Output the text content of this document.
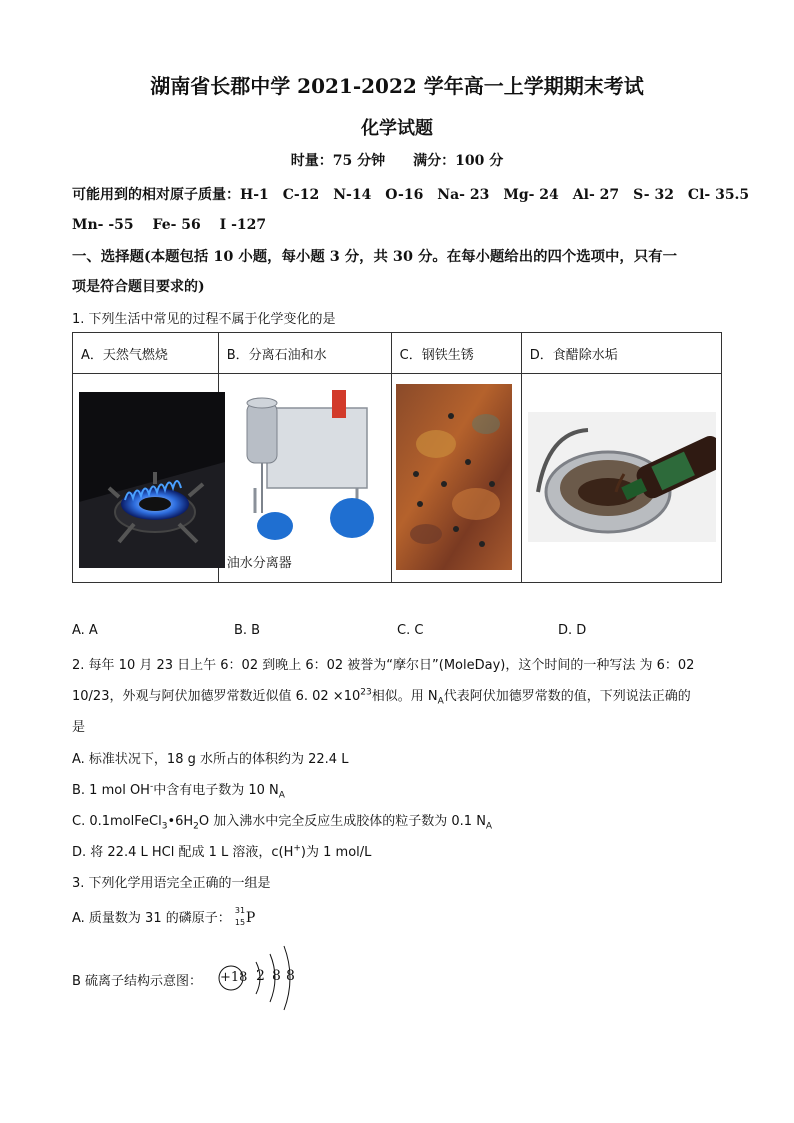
湖南省长郡中学 2021-2022 学年高一上学期期末考试
化学试题
时量：75 分钟　　满分：100 分
可能用到的相对原子质量：H-1　C-12　N-14　O-16　Na- 23　Mg- 24　Al- 27　S- 32　Cl- 35.5
Mn- -55　 Fe- 56　 I -127
一、选择题(本题包括 10 小题，每小题 3 分，共 30 分。在每小题给出的四个选项中，只有一
项是符合题目要求的)
1. 下列生活中常见的过程不属于化学变化的是
A．天然气燃烧	B．分离石油和水	C．钢铁生锈	D．食醋除水垢

油水分离器

A. A	B. B	C. C	D. D
2. 每年 10 月 23 日上午 6：02 到晚上 6：02 被誉为“摩尔日”(MoleDay)，这个时间的一种写法 为 6：02
10/23，外观与阿伏加德罗常数近似值 6. $02 \times 10^{23}$相似。用 $N_A$代表阿伏加德罗常数的值，下列说法正确的
是
A. 标准状况下，18 g 水所占的体积约为 22.4 L
B. 1 mol OH-中含有电子数为 10 $N_A$
C. $0.1molFeCl_3•6H_2O$ 加入沸水中完全反应生成胶体的粒子数为 0.1 $N_A$
D. 将 22.4 L HCl 配成 1 L 溶液，c(H+)为 1 mol/L
3. 下列化学用语完全正确的一组是
A. 质量数为 31 的磷原子：
31
15 P
B 硫离子结构示意图： +18 2 8 8
